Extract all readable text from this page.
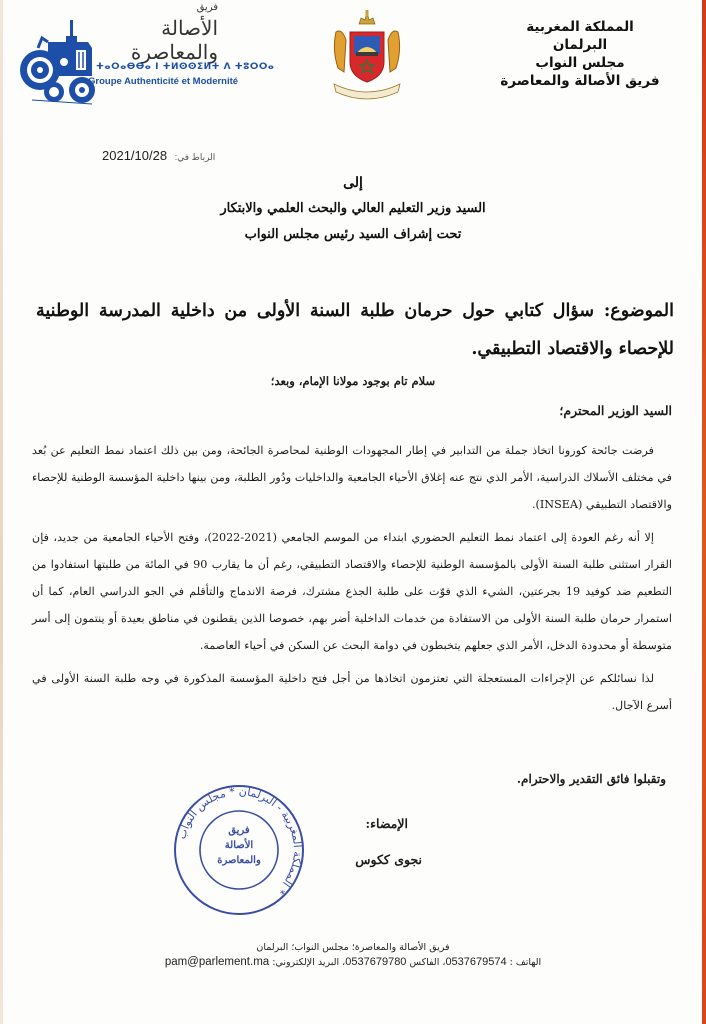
فريق
الأصالة والمعاصرة
ⵜⴰⵔⴰⴱⴱⴰ ⵏ ⵜⵍⵙⵙⵉⵍⵜ ⴷ ⵜⵓⵔⵔⴰ
Groupe Authenticité et Modernité
المملكة المغربية
البرلمان
مجلس النواب
فريق الأصالة والمعاصرة
الرباط في: 2021/10/28
إلى
السيد وزير التعليم العالي والبحث العلمي والابتكار
تحت إشراف السيد رئيس مجلس النواب
الموضوع: سؤال كتابي حول حرمان طلبة السنة الأولى من داخلية المدرسة الوطنية للإحصاء والاقتصاد التطبيقي.
سلام تام بوجود مولانا الإمام، وبعد؛
السيد الوزير المحترم؛

فرضت جائحة كورونا اتخاذ جملة من التدابير في إطار المجهودات الوطنية لمحاصرة الجائحة، ومن بين ذلك اعتماد نمط التعليم عن بُعد في مختلف الأسلاك الدراسية، الأمر الذي نتج عنه إغلاق الأحياء الجامعية والداخليات ودُور الطلبة، ومن بينها داخلية المؤسسة الوطنية للإحصاء والاقتصاد التطبيقي (INSEA).

إلا أنه رغم العودة إلى اعتماد نمط التعليم الحضوري ابتداء من الموسم الجامعي (2021-2022)، وفتح الأحياء الجامعية من جديد، فإن القرار استثنى طلبة السنة الأولى بالمؤسسة الوطنية للإحصاء والاقتصاد التطبيقي، رغم أن ما يقارب 90 في المائة من طلبتها استفادوا من التطعيم ضد كوفيد 19 بجرعتين، الشيء الذي فوّت على طلبة الجذع مشترك، فرصة الاندماج والتأقلم في الجو الدراسي العام، كما أن استمرار حرمان طلبة السنة الأولى من الاستفادة من خدمات الداخلية أضر بهم، خصوصا الذين يقطنون في مناطق بعيدة أو ينتمون إلى أسر متوسطة أو محدودة الدخل، الأمر الذي جعلهم يتخبطون في دوامة البحث عن السكن في أحياء العاصمة.

لذا نسائلكم عن الإجراءات المستعجلة التي تعتزمون اتخاذها من أجل فتح داخلية المؤسسة المذكورة في وجه طلبة السنة الأولى في أسرع الآجال.

وتقبلوا فائق التقدير والاحترام.
المملكة المغربية - البرلمان * مجلس النواب *
فريق
الأصالة
والمعاصرة
الإمضاء:
نجوى ككوس
فريق الأصالة والمعاصرة؛ مجلس النواب؛ البرلمان
الهاتف : 0537679574، الفاكس 0537679780، البريد الإلكتروني: pam@parlement.ma
